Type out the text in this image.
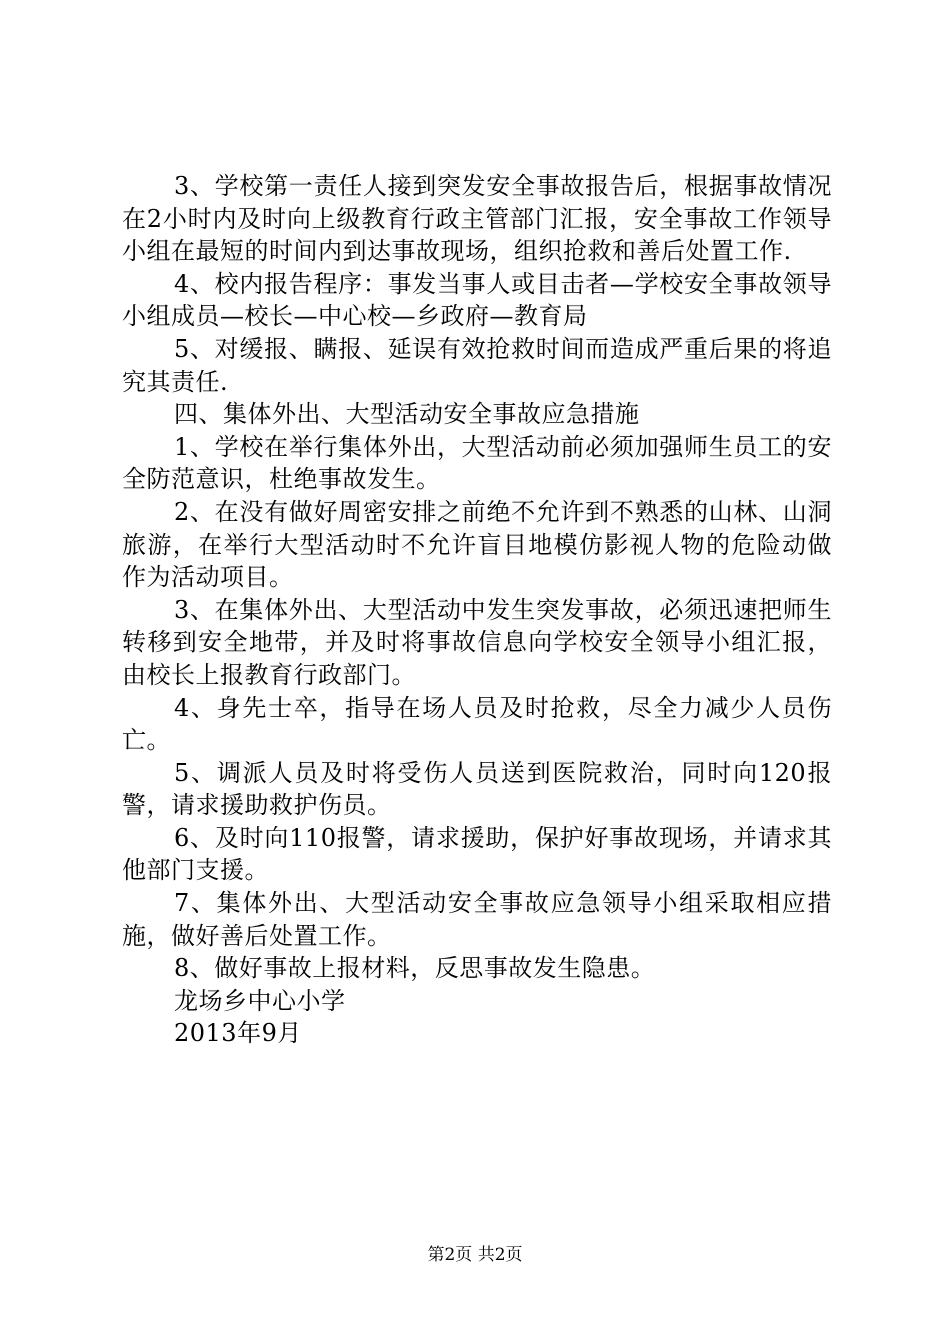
3、学校第一责任人接到突发安全事故报告后，根据事故情况在2小时内及时向上级教育行政主管部门汇报，安全事故工作领导小组在最短的时间内到达事故现场，组织抢救和善后处置工作.

4、校内报告程序：事发当事人或目击者—学校安全事故领导小组成员—校长—中心校—乡政府—教育局

5、对缓报、瞒报、延误有效抢救时间而造成严重后果的将追究其责任.

四、集体外出、大型活动安全事故应急措施

1、学校在举行集体外出，大型活动前必须加强师生员工的安全防范意识，杜绝事故发生。

2、在没有做好周密安排之前绝不允许到不熟悉的山林、山洞旅游，在举行大型活动时不允许盲目地模仿影视人物的危险动做作为活动项目。

3、在集体外出、大型活动中发生突发事故，必须迅速把师生转移到安全地带，并及时将事故信息向学校安全领导小组汇报，由校长上报教育行政部门。

4、身先士卒，指导在场人员及时抢救，尽全力减少人员伤亡。

5、调派人员及时将受伤人员送到医院救治，同时向120报警，请求援助救护伤员。

6、及时向110报警，请求援助，保护好事故现场，并请求其他部门支援。

7、集体外出、大型活动安全事故应急领导小组采取相应措施，做好善后处置工作。

8、做好事故上报材料，反思事故发生隐患。

龙场乡中心小学

2013年9月

第2页 共2页
